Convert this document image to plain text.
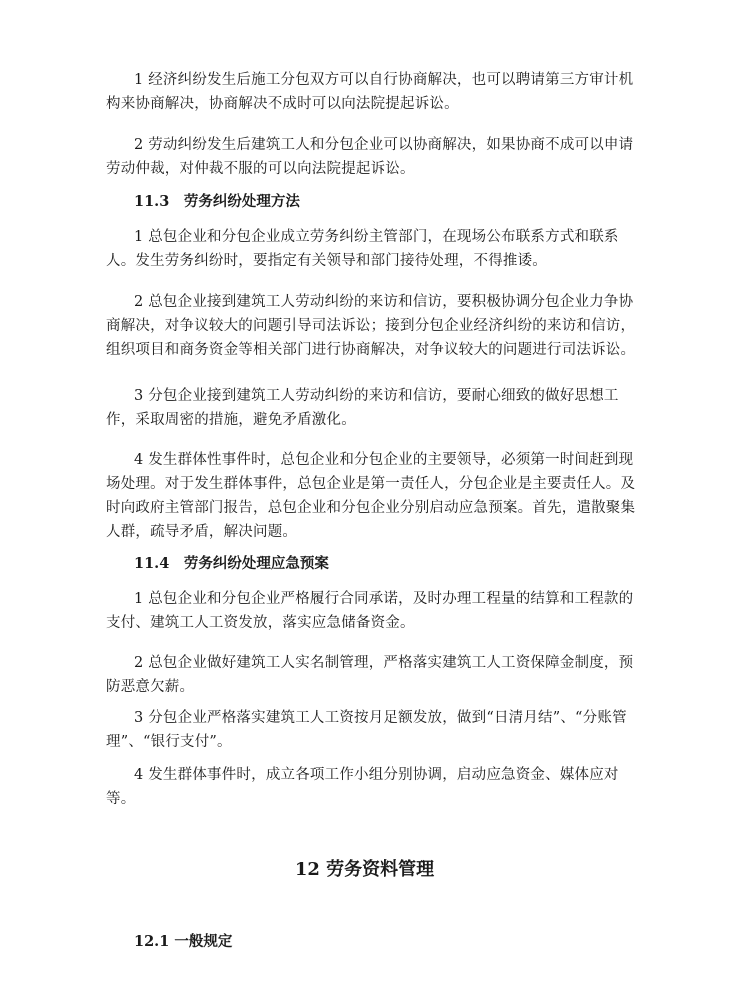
1 经济纠纷发生后施工分包双方可以自行协商解决，也可以聘请第三方审计机构来协商解决，协商解决不成时可以向法院提起诉讼。

2 劳动纠纷发生后建筑工人和分包企业可以协商解决，如果协商不成可以申请劳动仲裁，对仲裁不服的可以向法院提起诉讼。

11.3　劳务纠纷处理方法

1 总包企业和分包企业成立劳务纠纷主管部门，在现场公布联系方式和联系人。发生劳务纠纷时，要指定有关领导和部门接待处理，不得推诿。

2 总包企业接到建筑工人劳动纠纷的来访和信访，要积极协调分包企业力争协商解决，对争议较大的问题引导司法诉讼；接到分包企业经济纠纷的来访和信访，组织项目和商务资金等相关部门进行协商解决，对争议较大的问题进行司法诉讼。

3 分包企业接到建筑工人劳动纠纷的来访和信访，要耐心细致的做好思想工作，采取周密的措施，避免矛盾激化。

4 发生群体性事件时，总包企业和分包企业的主要领导，必须第一时间赶到现场处理。对于发生群体事件，总包企业是第一责任人，分包企业是主要责任人。及时向政府主管部门报告，总包企业和分包企业分别启动应急预案。首先，遣散聚集人群，疏导矛盾，解决问题。

11.4　劳务纠纷处理应急预案

1 总包企业和分包企业严格履行合同承诺，及时办理工程量的结算和工程款的支付、建筑工人工资发放，落实应急储备资金。

2 总包企业做好建筑工人实名制管理，严格落实建筑工人工资保障金制度，预防恶意欠薪。

3 分包企业严格落实建筑工人工资按月足额发放，做到“日清月结”、“分账管理”、“银行支付”。

4 发生群体事件时，成立各项工作小组分别协调，启动应急资金、媒体应对等。

12 劳务资料管理

12.1 一般规定
